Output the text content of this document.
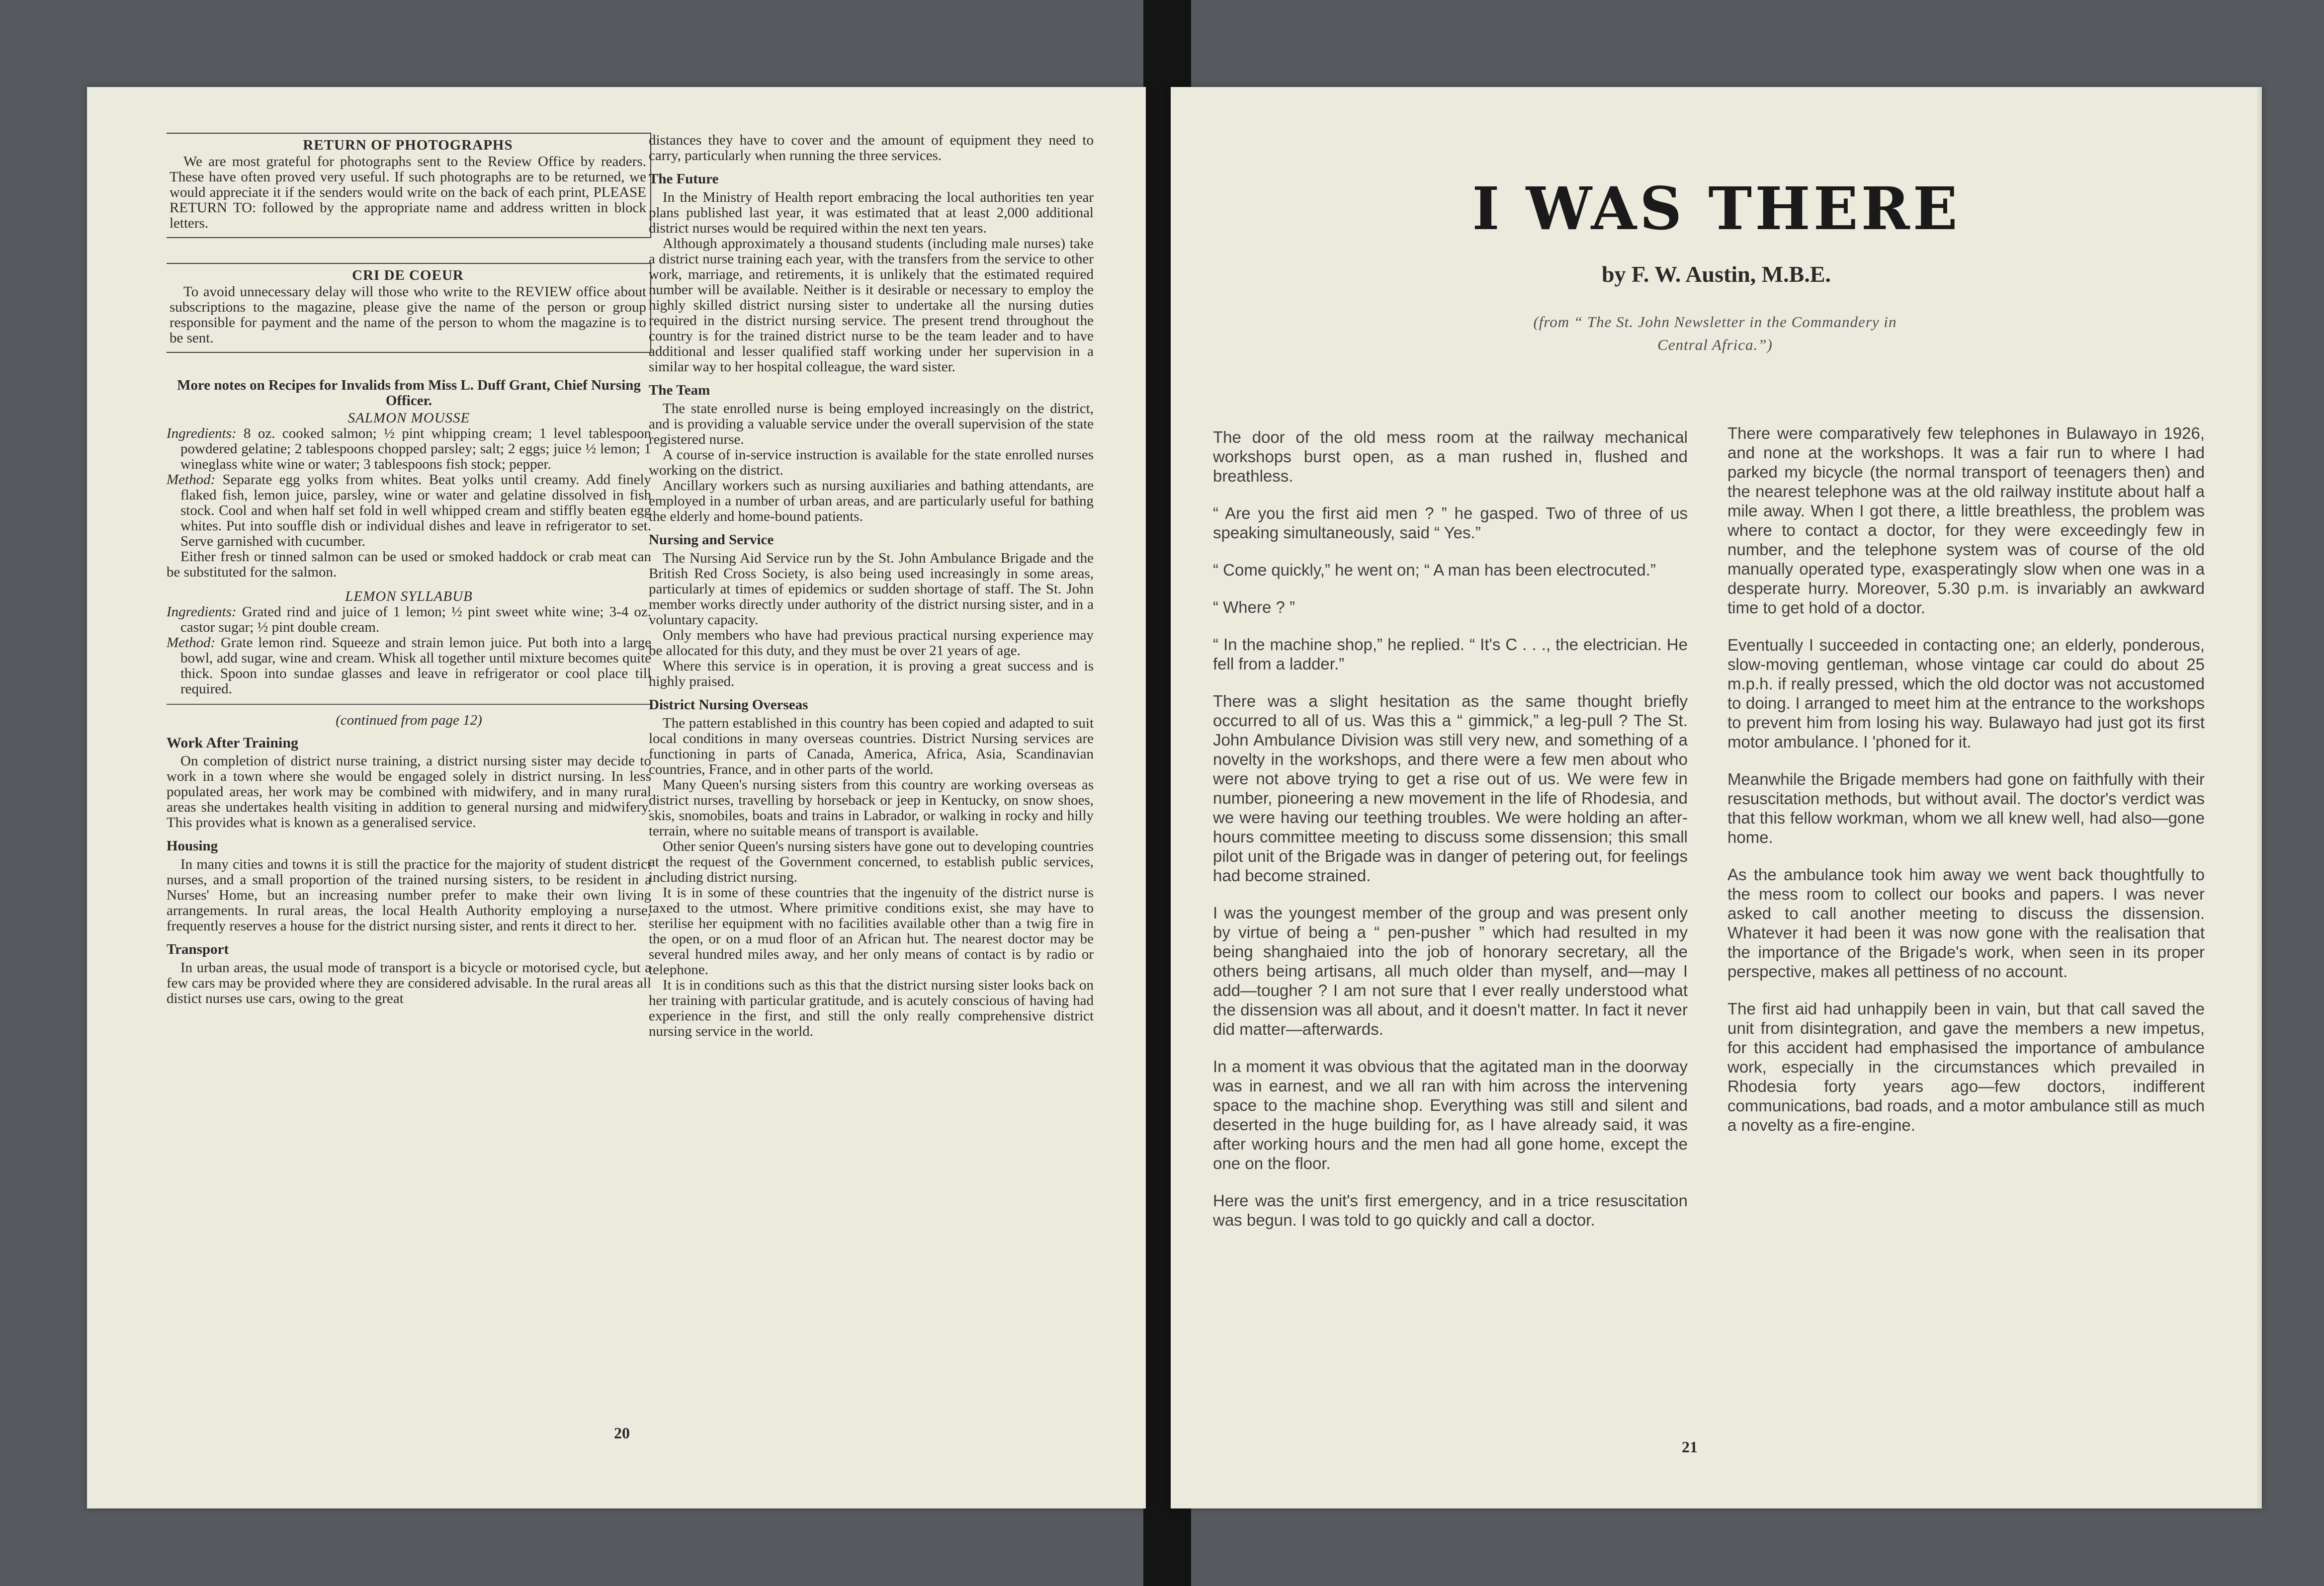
RETURN OF PHOTOGRAPHS

We are most grateful for photographs sent to the Review Office by readers. These have often proved very useful. If such photographs are to be returned, we would appreciate it if the senders would write on the back of each print, PLEASE RETURN TO: followed by the appropriate name and address written in block letters.

CRI DE COEUR

To avoid unnecessary delay will those who write to the REVIEW office about subscriptions to the magazine, please give the name of the person or group responsible for payment and the name of the person to whom the magazine is to be sent.

More notes on Recipes for Invalids from Miss L. Duff Grant, Chief Nursing Officer.
SALMON MOUSSE

Ingredients: 8 oz. cooked salmon; ½ pint whipping cream; 1 level tablespoon powdered gelatine; 2 tablespoons chopped parsley; salt; 2 eggs; juice ½ lemon; 1 wineglass white wine or water; 3 tablespoons fish stock; pepper.

Method: Separate egg yolks from whites. Beat yolks until creamy. Add finely flaked fish, lemon juice, parsley, wine or water and gelatine dissolved in fish stock. Cool and when half set fold in well whipped cream and stiffly beaten egg whites. Put into souffle dish or individual dishes and leave in refrigerator to set. Serve garnished with cucumber.

Either fresh or tinned salmon can be used or smoked haddock or crab meat can be substituted for the salmon.

LEMON SYLLABUB

Ingredients: Grated rind and juice of 1 lemon; ½ pint sweet white wine; 3-4 oz. castor sugar; ½ pint double cream.

Method: Grate lemon rind. Squeeze and strain lemon juice. Put both into a large bowl, add sugar, wine and cream. Whisk all together until mixture becomes quite thick. Spoon into sundae glasses and leave in refrigerator or cool place till required.

(continued from page 12)
Work After Training

On completion of district nurse training, a district nursing sister may decide to work in a town where she would be engaged solely in district nursing. In less populated areas, her work may be combined with midwifery, and in many rural areas she undertakes health visiting in addition to general nursing and midwifery. This provides what is known as a generalised service.

Housing

In many cities and towns it is still the practice for the majority of student district nurses, and a small proportion of the trained nursing sisters, to be resident in a Nurses' Home, but an increasing number prefer to make their own living arrangements. In rural areas, the local Health Authority employing a nurse, frequently reserves a house for the district nursing sister, and rents it direct to her.

Transport

In urban areas, the usual mode of transport is a bicycle or motorised cycle, but a few cars may be provided where they are considered advisable. In the rural areas all distict nurses use cars, owing to the great

distances they have to cover and the amount of equipment they need to carry, particularly when running the three services.

The Future

In the Ministry of Health report embracing the local authorities ten year plans published last year, it was estimated that at least 2,000 additional district nurses would be required within the next ten years.

Although approximately a thousand students (including male nurses) take a district nurse training each year, with the transfers from the service to other work, marriage, and retirements, it is unlikely that the estimated required number will be available. Neither is it desirable or necessary to employ the highly skilled district nursing sister to undertake all the nursing duties required in the district nursing service. The present trend throughout the country is for the trained district nurse to be the team leader and to have additional and lesser qualified staff working under her supervision in a similar way to her hospital colleague, the ward sister.

The Team

The state enrolled nurse is being employed increasingly on the district, and is providing a valuable service under the overall supervision of the state registered nurse.

A course of in-service instruction is available for the state enrolled nurses working on the district.

Ancillary workers such as nursing auxiliaries and bathing attendants, are employed in a number of urban areas, and are particularly useful for bathing the elderly and home-bound patients.

Nursing and Service

The Nursing Aid Service run by the St. John Ambulance Brigade and the British Red Cross Society, is also being used increasingly in some areas, particularly at times of epidemics or sudden shortage of staff. The St. John member works directly under authority of the district nursing sister, and in a voluntary capacity.

Only members who have had previous practical nursing experience may be allocated for this duty, and they must be over 21 years of age.

Where this service is in operation, it is proving a great success and is highly praised.

District Nursing Overseas

The pattern established in this country has been copied and adapted to suit local conditions in many overseas countries. District Nursing services are functioning in parts of Canada, America, Africa, Asia, Scandinavian countries, France, and in other parts of the world.

Many Queen's nursing sisters from this country are working overseas as district nurses, travelling by horseback or jeep in Kentucky, on snow shoes, skis, snomobiles, boats and trains in Labrador, or walking in rocky and hilly terrain, where no suitable means of transport is available.

Other senior Queen's nursing sisters have gone out to developing countries at the request of the Government concerned, to establish public services, including district nursing.

It is in some of these countries that the ingenuity of the district nurse is taxed to the utmost. Where primitive conditions exist, she may have to sterilise her equipment with no facilities available other than a twig fire in the open, or on a mud floor of an African hut. The nearest doctor may be several hundred miles away, and her only means of contact is by radio or telephone.

It is in conditions such as this that the district nursing sister looks back on her training with particular gratitude, and is acutely conscious of having had experience in the first, and still the only really comprehensive district nursing service in the world.

20
I WAS THERE
by F. W. Austin, M.B.E.
(from “ The St. John Newsletter in the Commandery in Central Africa.”)

The door of the old mess room at the railway mechanical workshops burst open, as a man rushed in, flushed and breathless.

“ Are you the first aid men ? ” he gasped. Two of three of us speaking simultaneously, said “ Yes.”

“ Come quickly,” he went on; “ A man has been electrocuted.”

“ Where ? ”

“ In the machine shop,” he replied. “ It's C . . ., the electrician. He fell from a ladder.”

There was a slight hesitation as the same thought briefly occurred to all of us. Was this a “ gimmick,” a leg-pull ? The St. John Ambulance Division was still very new, and something of a novelty in the workshops, and there were a few men about who were not above trying to get a rise out of us. We were few in number, pioneering a new movement in the life of Rhodesia, and we were having our teething troubles. We were holding an after-hours committee meeting to discuss some dissension; this small pilot unit of the Brigade was in danger of petering out, for feelings had become strained.

I was the youngest member of the group and was present only by virtue of being a “ pen-pusher ” which had resulted in my being shanghaied into the job of honorary secretary, all the others being artisans, all much older than myself, and—may I add—tougher ? I am not sure that I ever really understood what the dissension was all about, and it doesn't matter. In fact it never did matter—afterwards.

In a moment it was obvious that the agitated man in the doorway was in earnest, and we all ran with him across the intervening space to the machine shop. Everything was still and silent and deserted in the huge building for, as I have already said, it was after working hours and the men had all gone home, except the one on the floor.

Here was the unit's first emergency, and in a trice resuscitation was begun. I was told to go quickly and call a doctor.

There were comparatively few telephones in Bulawayo in 1926, and none at the workshops. It was a fair run to where I had parked my bicycle (the normal transport of teenagers then) and the nearest telephone was at the old railway institute about half a mile away. When I got there, a little breathless, the problem was where to contact a doctor, for they were exceedingly few in number, and the telephone system was of course of the old manually operated type, exasperatingly slow when one was in a desperate hurry. Moreover, 5.30 p.m. is invariably an awkward time to get hold of a doctor.

Eventually I succeeded in contacting one; an elderly, ponderous, slow-moving gentleman, whose vintage car could do about 25 m.p.h. if really pressed, which the old doctor was not accustomed to doing. I arranged to meet him at the entrance to the workshops to prevent him from losing his way. Bulawayo had just got its first motor ambulance. I 'phoned for it.

Meanwhile the Brigade members had gone on faithfully with their resuscitation methods, but without avail. The doctor's verdict was that this fellow workman, whom we all knew well, had also—gone home.

As the ambulance took him away we went back thoughtfully to the mess room to collect our books and papers. I was never asked to call another meeting to discuss the dissension. Whatever it had been it was now gone with the realisation that the importance of the Brigade's work, when seen in its proper perspective, makes all pettiness of no account.

The first aid had unhappily been in vain, but that call saved the unit from disintegration, and gave the members a new impetus, for this accident had emphasised the importance of ambulance work, especially in the circumstances which prevailed in Rhodesia forty years ago—few doctors, indifferent communications, bad roads, and a motor ambulance still as much a novelty as a fire-engine.

21
